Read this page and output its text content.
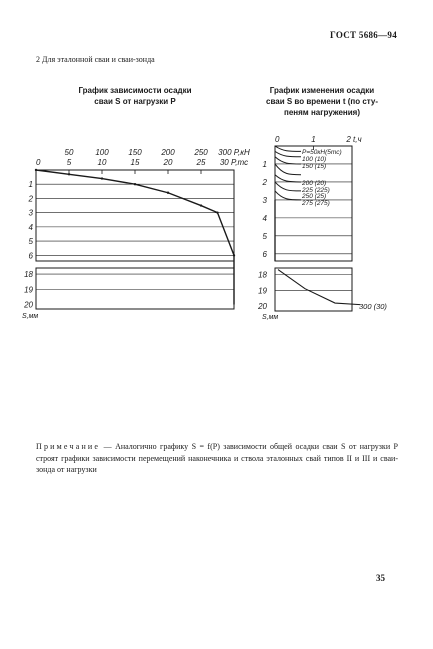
ГОСТ 5686—94
2 Для эталонной сваи и сваи-зонда
График зависимости осадки
сваи S от нагрузки P
График изменения осадки
сваи S во времени t (по сту-
пеням нагружения)
50	100 150 200 250 300 P,кН
0	5	10	15	20	25 30 P,mc
1
2
3
4
5
6
18
19
20
S,мм
0	1	2 t,ч
1
2
3
4
5
6
18
19
20
S,мм
P=50кН(5тс)
100 (10)
150 (15)
200 (20)
225 (225)
250 (25)
275 (275)
300 (30)
Примечание — Аналогично графику S = f(P) зависимости общей осадки сваи S от нагрузки P строят графики зависимости перемещений наконечника и ствола эталонных свай типов II и III и сваи-зонда от нагрузки
35
